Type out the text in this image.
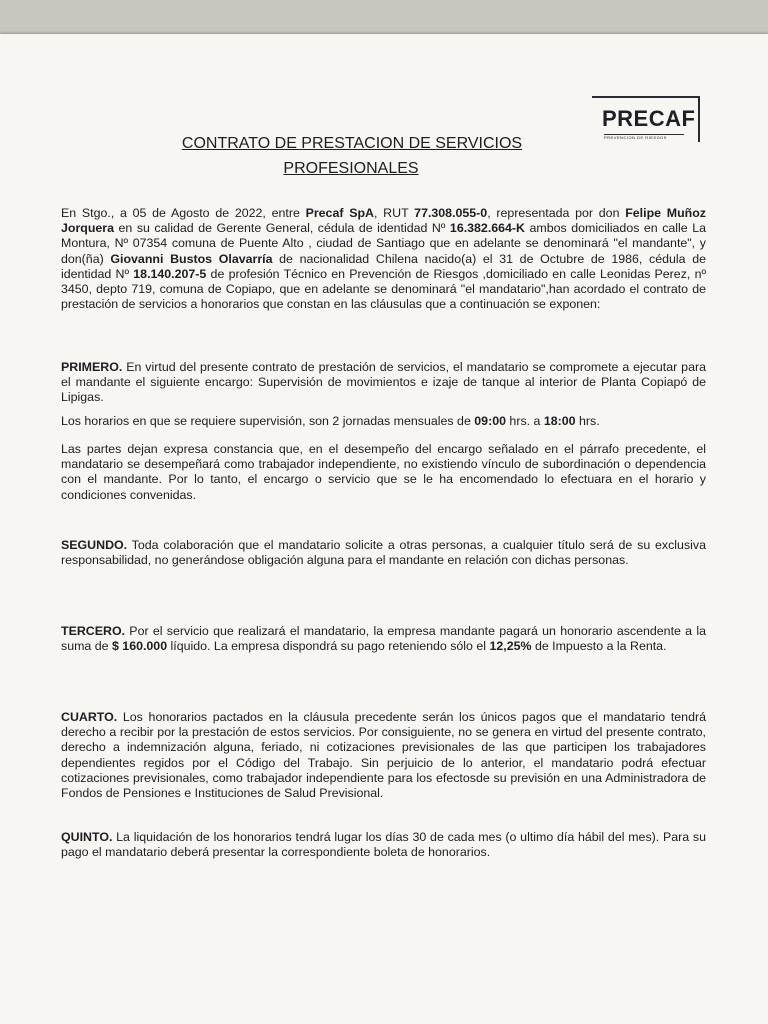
PRECAF
PREVENCION DE RIESGOS
CONTRATO DE PRESTACION DE SERVICIOS
PROFESIONALES

En Stgo., a 05 de Agosto de 2022, entre Precaf SpA, RUT 77.308.055-0, representada por don Felipe Muñoz Jorquera en su calidad de Gerente General, cédula de identidad Nº 16.382.664-K ambos domiciliados en calle La Montura, Nº 07354 comuna de Puente Alto , ciudad de Santiago que en adelante se denominará "el mandante", y don(ña) Giovanni Bustos Olavarría de nacionalidad Chilena nacido(a) el 31 de Octubre de 1986, cédula de identidad Nº 18.140.207-5 de profesión Técnico en Prevención de Riesgos ,domiciliado en calle Leonidas Perez, nº 3450, depto 719, comuna de Copiapo, que en adelante se denominará "el mandatario",han acordado el contrato de prestación de servicios a honorarios que constan en las cláusulas que a continuación se exponen:

PRIMERO. En virtud del presente contrato de prestación de servicios, el mandatario se compromete a ejecutar para el mandante el siguiente encargo: Supervisión de movimientos e izaje de tanque al interior de Planta Copiapó de Lipigas.

Los horarios en que se requiere supervisión, son 2 jornadas mensuales de 09:00 hrs. a 18:00 hrs.

Las partes dejan expresa constancia que, en el desempeño del encargo señalado en el párrafo precedente, el mandatario se desempeñará como trabajador independiente, no existiendo vínculo de subordinación o dependencia con el mandante. Por lo tanto, el encargo o servicio que se le ha encomendado lo efectuara en el horario y condiciones convenidas.

SEGUNDO. Toda colaboración que el mandatario solicite a otras personas, a cualquier título será de su exclusiva responsabilidad, no generándose obligación alguna para el mandante en relación con dichas personas.

TERCERO. Por el servicio que realizará el mandatario, la empresa mandante pagará un honorario ascendente a la suma de $ 160.000 líquido. La empresa dispondrá su pago reteniendo sólo el 12,25% de Impuesto a la Renta.

CUARTO. Los honorarios pactados en la cláusula precedente serán los únicos pagos que el mandatario tendrá derecho a recibir por la prestación de estos servicios. Por consiguiente, no se genera en virtud del presente contrato, derecho a indemnización alguna, feriado, ni cotizaciones previsionales de las que participen los trabajadores dependientes regidos por el Código del Trabajo. Sin perjuicio de lo anterior, el mandatario podrá efectuar cotizaciones previsionales, como trabajador independiente para los efectosde su previsión en una Administradora de Fondos de Pensiones e Instituciones de Salud Previsional.

QUINTO. La liquidación de los honorarios tendrá lugar los días 30 de cada mes (o ultimo día hábil del mes). Para su pago el mandatario deberá presentar la correspondiente boleta de honorarios.
